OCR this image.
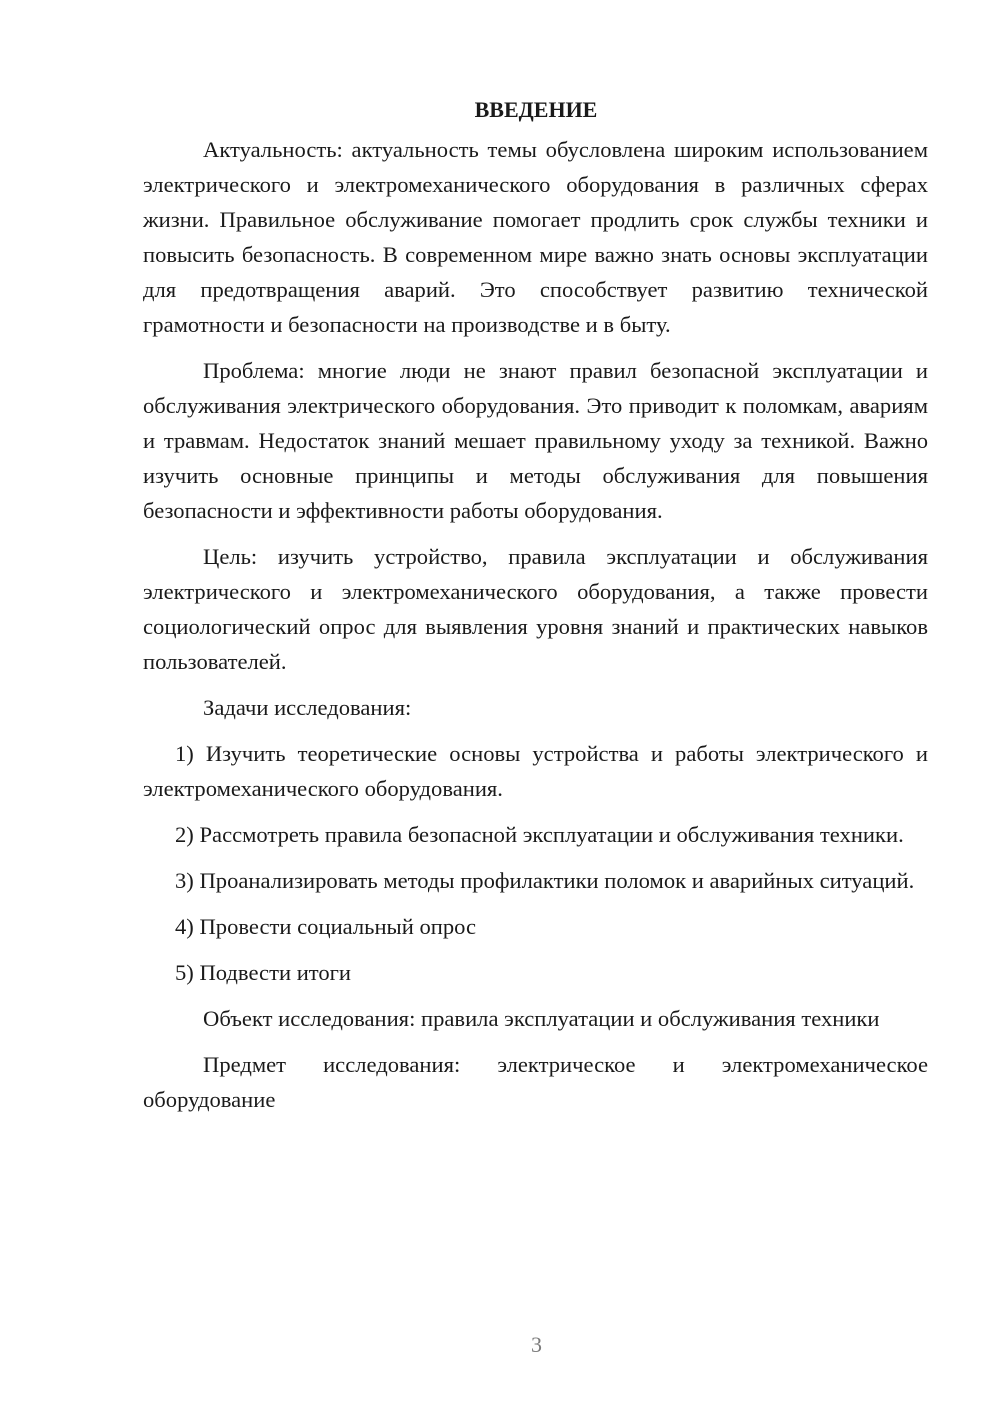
ВВЕДЕНИЕ

Актуальность: актуальность темы обусловлена широким использованием электрического и электромеханического оборудования в различных сферах жизни. Правильное обслуживание помогает продлить срок службы техники и повысить безопасность. В современном мире важно знать основы эксплуатации для предотвращения аварий. Это способствует развитию технической грамотности и безопасности на производстве и в быту.

Проблема: многие люди не знают правил безопасной эксплуатации и обслуживания электрического оборудования. Это приводит к поломкам, авариям и травмам. Недостаток знаний мешает правильному уходу за техникой. Важно изучить основные принципы и методы обслуживания для повышения безопасности и эффективности работы оборудования.

Цель: изучить устройство, правила эксплуатации и обслуживания электрического и электромеханического оборудования, а также провести социологический опрос для выявления уровня знаний и практических навыков пользователей.

Задачи исследования:

1) Изучить теоретические основы устройства и работы электрического и электромеханического оборудования.

2) Рассмотреть правила безопасной эксплуатации и обслуживания техники.

3) Проанализировать методы профилактики поломок и аварийных ситуаций.

4) Провести социальный опрос

5) Подвести итоги

Объект исследования: правила эксплуатации и обслуживания техники

Предмет исследования: электрическое и электромеханическое оборудование

3
